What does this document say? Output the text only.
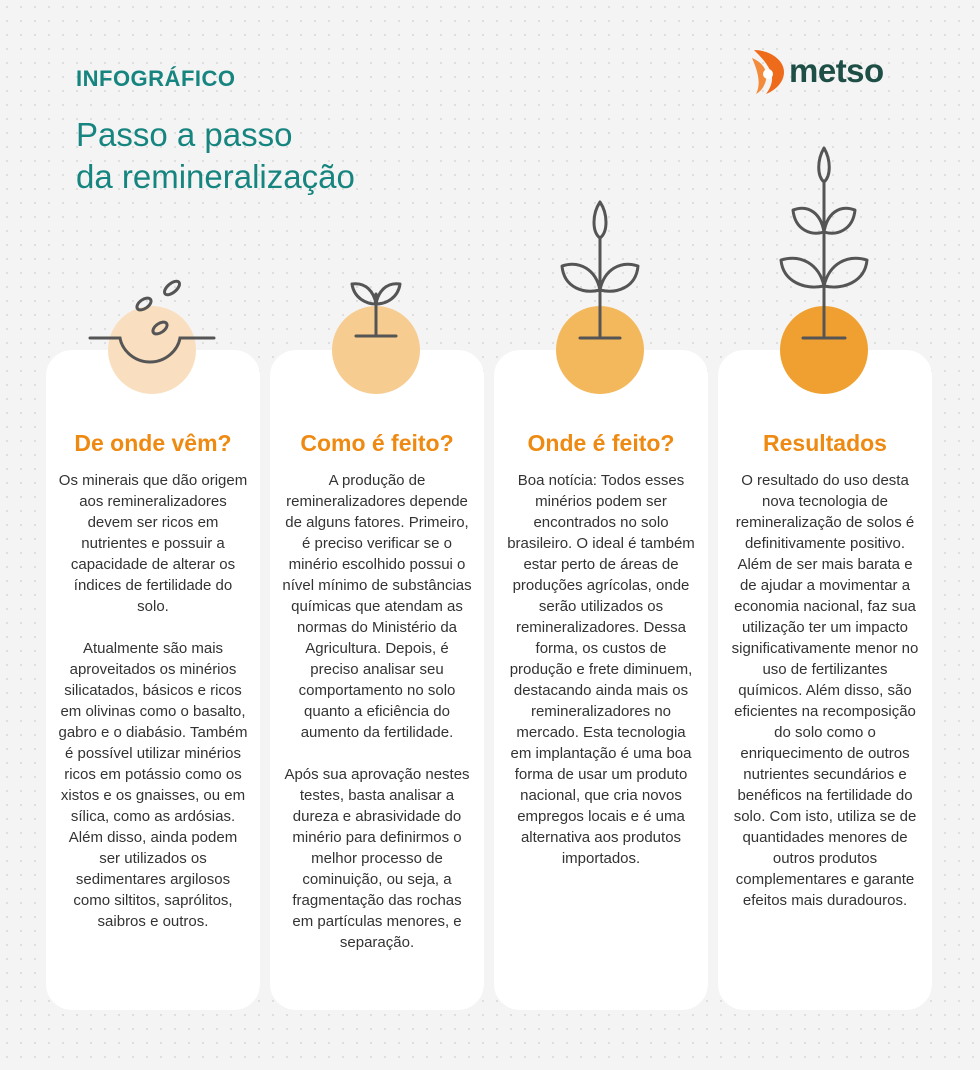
INFOGRÁFICO
Passo a passo
da remineralização
metso
De onde vêm?

Os minerais que dão origem aos remineralizadores devem ser ricos em nutrientes e possuir a capacidade de alterar os índices de fertilidade do solo.

Atualmente são mais aproveitados os minérios silicatados, básicos e ricos em olivinas como o basalto, gabro e o diabásio. Também é possível utilizar minérios ricos em potássio como os xistos e os gnaisses, ou em sílica, como as ardósias. Além disso, ainda podem ser utilizados os sedimentares argilosos como siltitos, saprólitos, saibros e outros.

Como é feito?

A produção de remineralizadores depende de alguns fatores. Primeiro, é preciso verificar se o minério escolhido possui o nível mínimo de substâncias químicas que atendam as normas do Ministério da Agricultura. Depois, é preciso analisar seu comportamento no solo quanto a eficiência do aumento da fertilidade.

Após sua aprovação nestes testes, basta analisar a dureza e abrasividade do minério para definirmos o melhor processo de cominuição, ou seja, a fragmentação das rochas em partículas menores, e separação.

Onde é feito?

Boa notícia: Todos esses minérios podem ser encontrados no solo brasileiro. O ideal é também estar perto de áreas de produções agrícolas, onde serão utilizados os remineralizadores. Dessa forma, os custos de produção e frete diminuem, destacando ainda mais os remineralizadores no mercado. Esta tecnologia em implantação é uma boa forma de usar um produto nacional, que cria novos empregos locais e é uma alternativa aos produtos importados.

Resultados

O resultado do uso desta nova tecnologia de remineralização de solos é definitivamente positivo. Além de ser mais barata e de ajudar a movimentar a economia nacional, faz sua utilização ter um impacto significativamente menor no uso de fertilizantes químicos. Além disso, são eficientes na recomposição do solo como o enriquecimento de outros nutrientes secundários e benéficos na fertilidade do solo. Com isto, utiliza se de quantidades menores de outros produtos complementares e garante efeitos mais duradouros.
